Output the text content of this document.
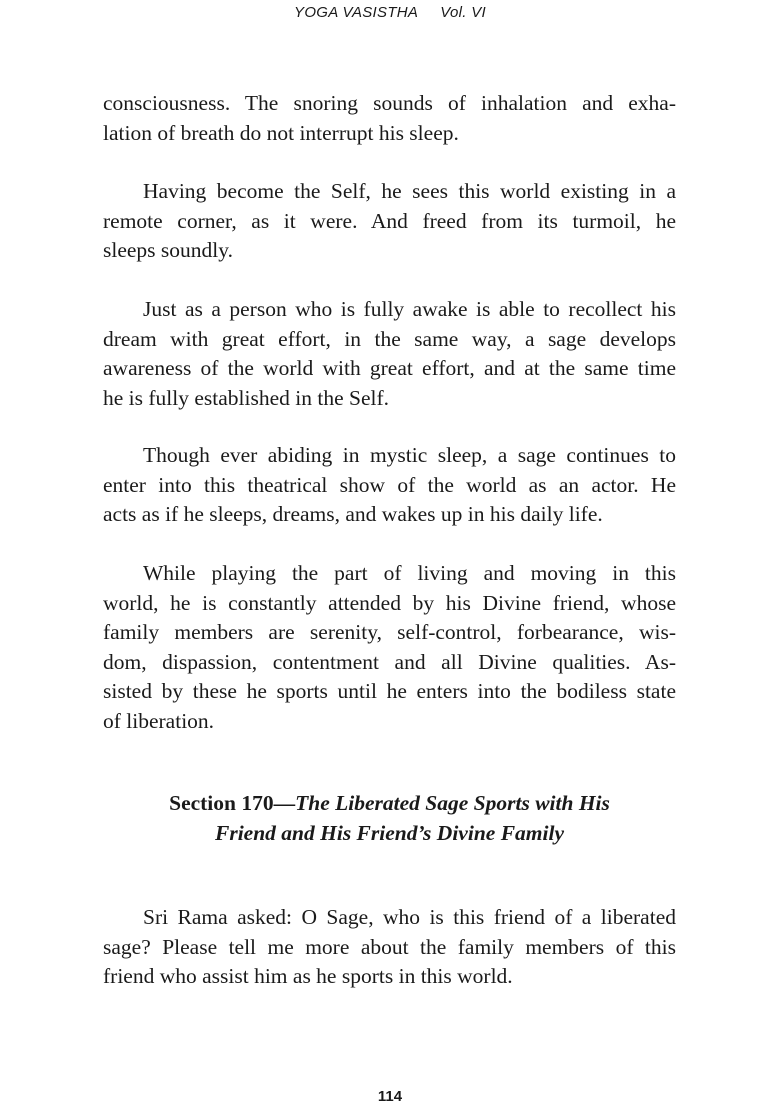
YOGA VASISTHA Vol. VI
consciousness. The snoring sounds of inhalation and exha-
lation of breath do not interrupt his sleep.
Having become the Self, he sees this world existing in a
remote corner, as it were. And freed from its turmoil, he
sleeps soundly.
Just as a person who is fully awake is able to recollect his
dream with great effort, in the same way, a sage develops
awareness of the world with great effort, and at the same time
he is fully established in the Self.
Though ever abiding in mystic sleep, a sage continues to
enter into this theatrical show of the world as an actor. He
acts as if he sleeps, dreams, and wakes up in his daily life.
While playing the part of living and moving in this
world, he is constantly attended by his Divine friend, whose
family members are serenity, self-control, forbearance, wis-
dom, dispassion, contentment and all Divine qualities. As-
sisted by these he sports until he enters into the bodiless state
of liberation.
Section 170—The Liberated Sage Sports with His
Friend and His Friend’s Divine Family
Sri Rama asked: O Sage, who is this friend of a liberated
sage? Please tell me more about the family members of this
friend who assist him as he sports in this world.
114
